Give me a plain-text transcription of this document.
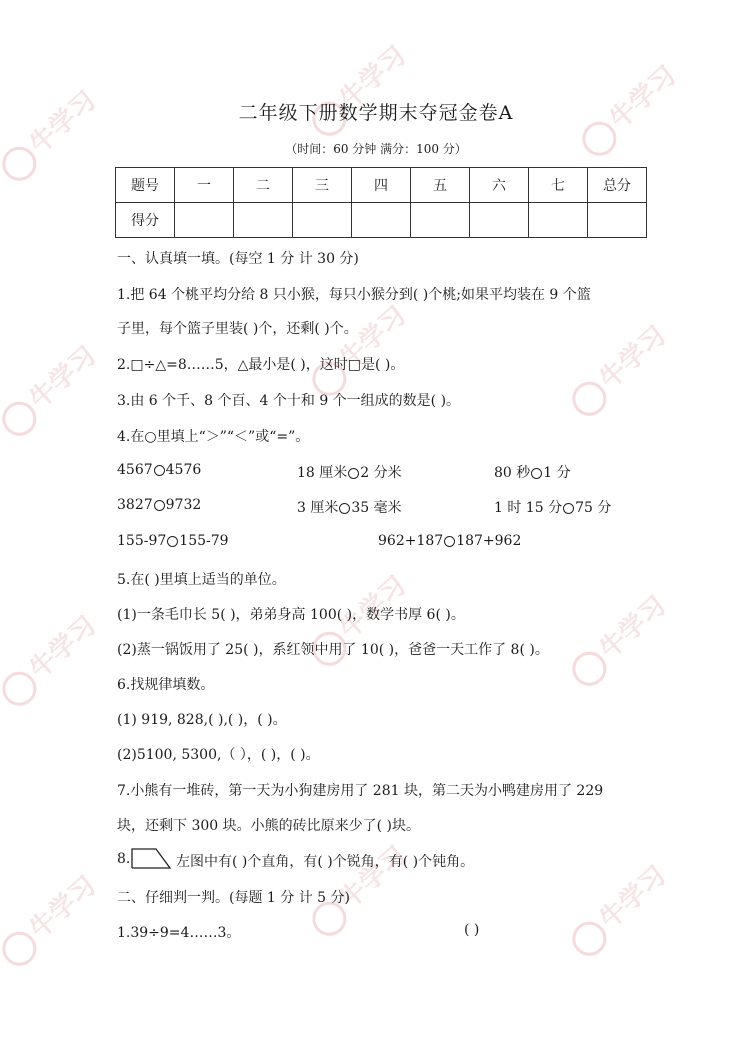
牛学习
牛学习	牛学习
牛学习
牛学习	牛学习
牛学习
牛学习	牛学习
牛学习	牛学习	牛学习
二年级下册数学期末夺冠金卷A
（时间：60 分钟 满分：100 分）
题号	一	二	三	四	五	六	七	总分
得分								
一、认真填一填。(每空 1 分 计 30 分)
1.把 64 个桃平均分给 8 只小猴，每只小猴分到( )个桃;如果平均装在 9 个篮
子里，每个篮子里装( )个，还剩( )个。
2.□÷△=8……5，△最小是( )，这时□是( )。
3.由 6 个千、8 个百、4 个十和 9 个一组成的数是( )。
4.在○里填上“＞”“＜”或“=”。
4567 4576	18 厘米 2 分米	80 秒 1 分
3827 9732	3 厘米 35 毫米	1 时 15 分 75 分
155-97 155-79	962+187 187+962
5.在( )里填上适当的单位。
(1)一条毛巾长 5( )，弟弟身高 100( )，数学书厚 6( )。
(2)蒸一锅饭用了 25( )，系红领中用了 10( )，爸爸一天工作了 8( )。
6.找规律填数。
(1) 919, 828,( ),( )，( )。
(2)5100, 5300,（ ），( )，( )。
7.小熊有一堆砖，第一天为小狗建房用了 281 块，第二天为小鸭建房用了 229
块，还剩下 300 块。小熊的砖比原来少了( )块。
8.	左图中有( )个直角，有( )个锐角，有( )个钝角。
二、仔细判一判。(每题 1 分 计 5 分)
1.39÷9=4……3。	( )
